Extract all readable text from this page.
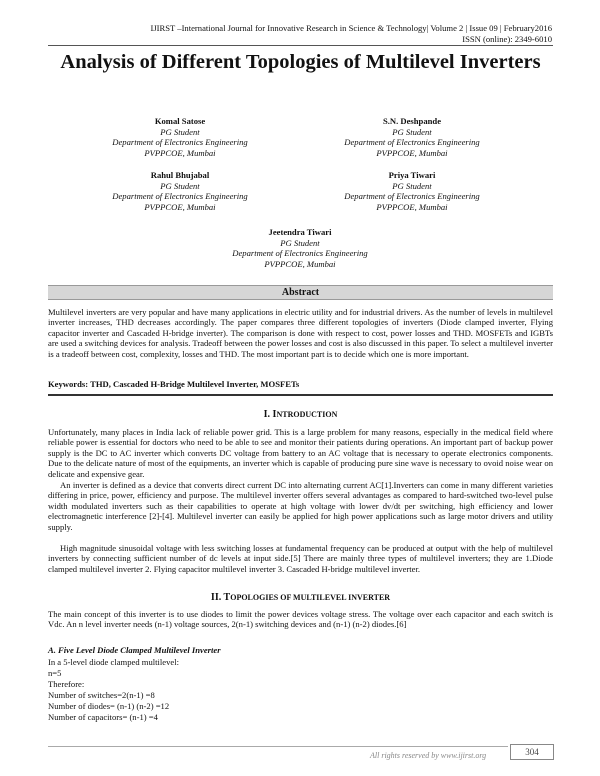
IJIRST –International Journal for Innovative Research in Science & Technology| Volume 2 | Issue 09 | February2016
ISSN (online): 2349-6010
Analysis of Different Topologies of Multilevel Inverters
Komal Satose
PG Student
Department of Electronics Engineering
PVPPCOE, Mumbai
S.N. Deshpande
PG Student
Department of Electronics Engineering
PVPPCOE, Mumbai
Rahul Bhujabal
PG Student
Department of Electronics Engineering
PVPPCOE, Mumbai
Priya Tiwari
PG Student
Department of Electronics Engineering
PVPPCOE, Mumbai
Jeetendra Tiwari
PG Student
Department of Electronics Engineering
PVPPCOE, Mumbai
Abstract
Multilevel inverters are very popular and have many applications in electric utility and for industrial drivers. As the number of levels in multilevel inverter increases, THD decreases accordingly. The paper compares three different topologies of inverters (Diode clamped inverter, Flying capacitor inverter and Cascaded H-bridge inverter). The comparison is done with respect to cost, power losses and THD. MOSFETs and IGBTs are used a switching devices for analysis. Tradeoff between the power losses and cost is also discussed in this paper. To select a multilevel inverter is a tradeoff between cost, complexity, losses and THD. The most important part is to decide which one is more important.
Keywords: THD, Cascaded H-Bridge Multilevel Inverter, MOSFETs
I. INTRODUCTION
Unfortunately, many places in India lack of reliable power grid. This is a large problem for many reasons, especially in the medical field where reliable power is essential for doctors who need to be able to see and monitor their patients during operations. An important part of backup power supply is the DC to AC inverter which converts DC voltage from battery to an AC voltage that is necessary to operate electronics components. Due to the delicate nature of most of the equipments, an inverter which is capable of producing pure sine wave is necessary to ovoid noise wear on delicate and expensive gear.
An inverter is defined as a device that converts direct current DC into alternating current AC[1].Inverters can come in many different varieties differing in price, power, efficiency and purpose. The multilevel inverter offers several advantages as compared to hard-switched two-level pulse width modulated inverters such as their capabilities to operate at high voltage with lower dv/dt per switching, high efficiency and lower electromagnetic interference [2]-[4]. Multilevel inverter can easily be applied for high power applications such as large motor drivers and utility supply.
High magnitude sinusoidal voltage with less switching losses at fundamental frequency can be produced at output with the help of multilevel inverters by connecting sufficient number of dc levels at input side.[5] There are mainly three types of multilevel inverters; they are 1.Diode clamped multilevel inverter 2. Flying capacitor multilevel inverter 3. Cascaded H-bridge multilevel inverter.
II. TOPOLOGIES OF MULTILEVEL INVERTER
The main concept of this inverter is to use diodes to limit the power devices voltage stress. The voltage over each capacitor and each switch is Vdc. An n level inverter needs (n-1) voltage sources, 2(n-1) switching devices and (n-1) (n-2) diodes.[6]
A. Five Level Diode Clamped Multilevel Inverter
In a 5-level diode clamped multilevel:
n=5
Therefore:
Number of switches=2(n-1) =8
Number of diodes= (n-1) (n-2) =12
Number of capacitors= (n-1) =4
All rights reserved by www.ijirst.org	304
